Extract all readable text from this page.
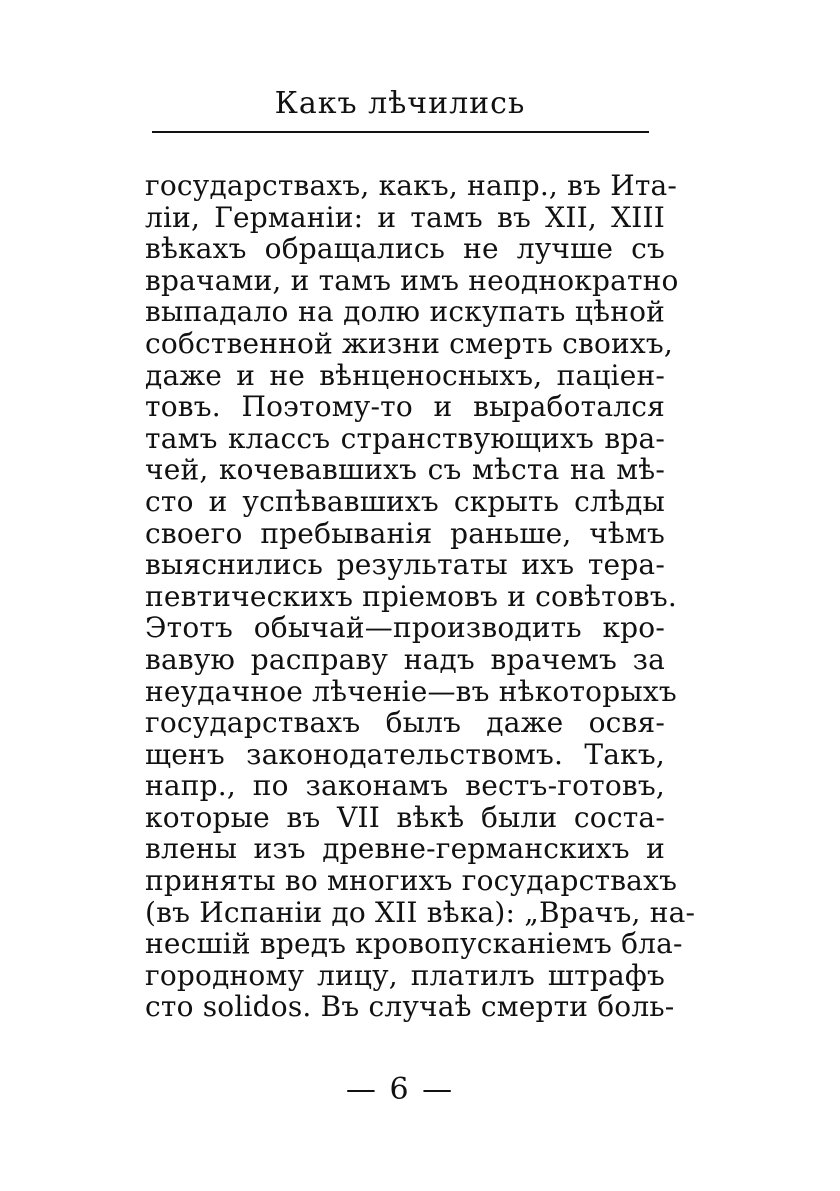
Какъ лѣчились
государствахъ, какъ, напр., въ Ита-
ліи, Германіи: и тамъ въ XII, XIII
вѣкахъ обращались не лучше съ
врачами, и тамъ имъ неоднократно
выпадало на долю искупать цѣной
собственной жизни смерть своихъ,
даже и не вѣнценосныхъ, паціен-
товъ. Поэтому-то и выработался
тамъ классъ странствующихъ вра-
чей, кочевавшихъ съ мѣста на мѣ-
сто и успѣвавшихъ скрыть слѣды
своего пребыванія раньше, чѣмъ
выяснились результаты ихъ тера-
певтическихъ пріемовъ и совѣтовъ.
Этотъ обычай—производить кро-
вавую расправу надъ врачемъ за
неудачное лѣченіе—въ нѣкоторыхъ
государствахъ былъ даже освя-
щенъ законодательствомъ. Такъ,
напр., по законамъ вестъ-готовъ,
которые въ VII вѣкѣ были соста-
влены изъ древне-германскихъ и
приняты во многихъ государствахъ
(въ Испаніи до XII вѣка): „Врачъ, на-
несшій вредъ кровопусканіемъ бла-
городному лицу, платилъ штрафъ
сто solidos. Въ случаѣ смерти боль-
— 6 —
